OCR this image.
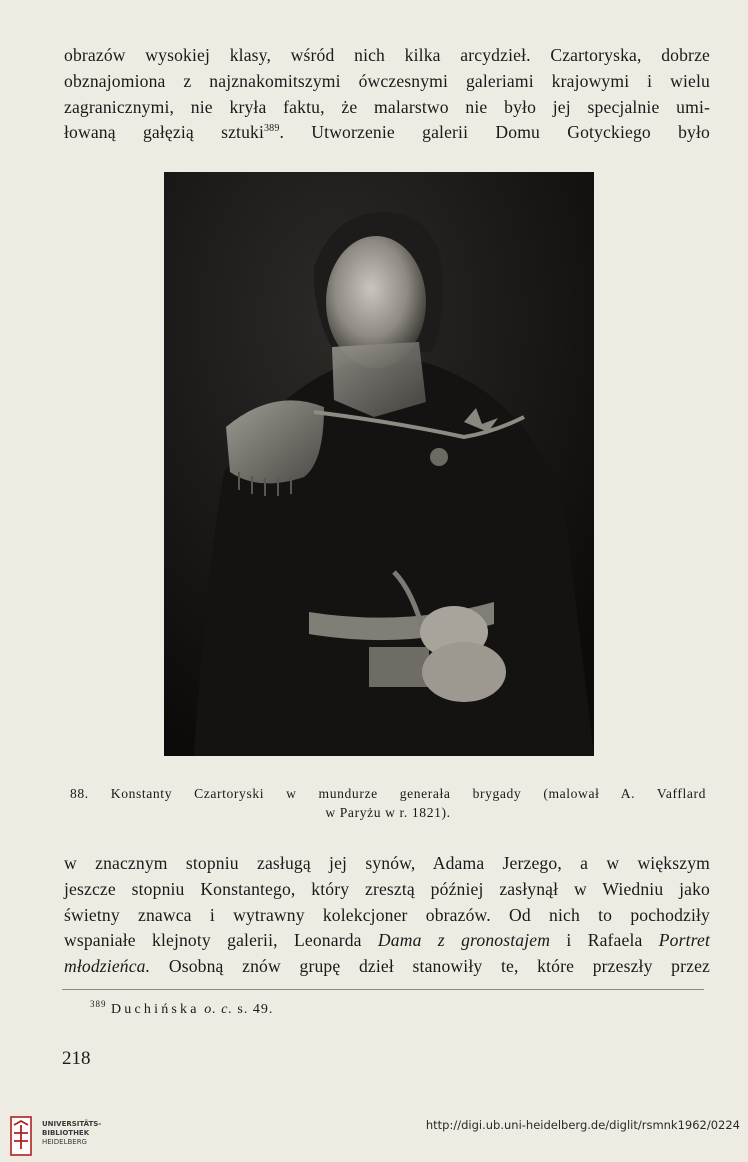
obrazów wysokiej klasy, wśród nich kilka arcydzieł. Czartoryska, dobrze
obznajomiona z najznakomitszymi ówczesnymi galeriami krajowymi i wielu
zagranicznymi, nie kryła faktu, że malarstwo nie było jej specjalnie umi-
łowaną gałęzią sztuki$^{389}$. Utworzenie galerii Domu Gotyckiego było
88. Konstanty Czartoryski w mundurze generała brygady (malował A. Vafflard
w Paryżu w r. 1821).
w znacznym stopniu zasługą jej synów, Adama Jerzego, a w większym
jeszcze stopniu Konstantego, który zresztą później zasłynął w Wiedniu jako
świetny znawca i wytrawny kolekcjoner obrazów. Od nich to pochodziły
wspaniałe klejnoty galerii, Leonarda Dama z gronostajem i Rafaela Portret
młodzieńca. Osobną znów grupę dzieł stanowiły te, które przeszły przez
$^{389}$ Duchińska o. c. s. 49.
218
UNIVERSITÄTS-
BIBLIOTHEK
HEIDELBERG
http://digi.ub.uni-heidelberg.de/diglit/rsmnk1962/0224
